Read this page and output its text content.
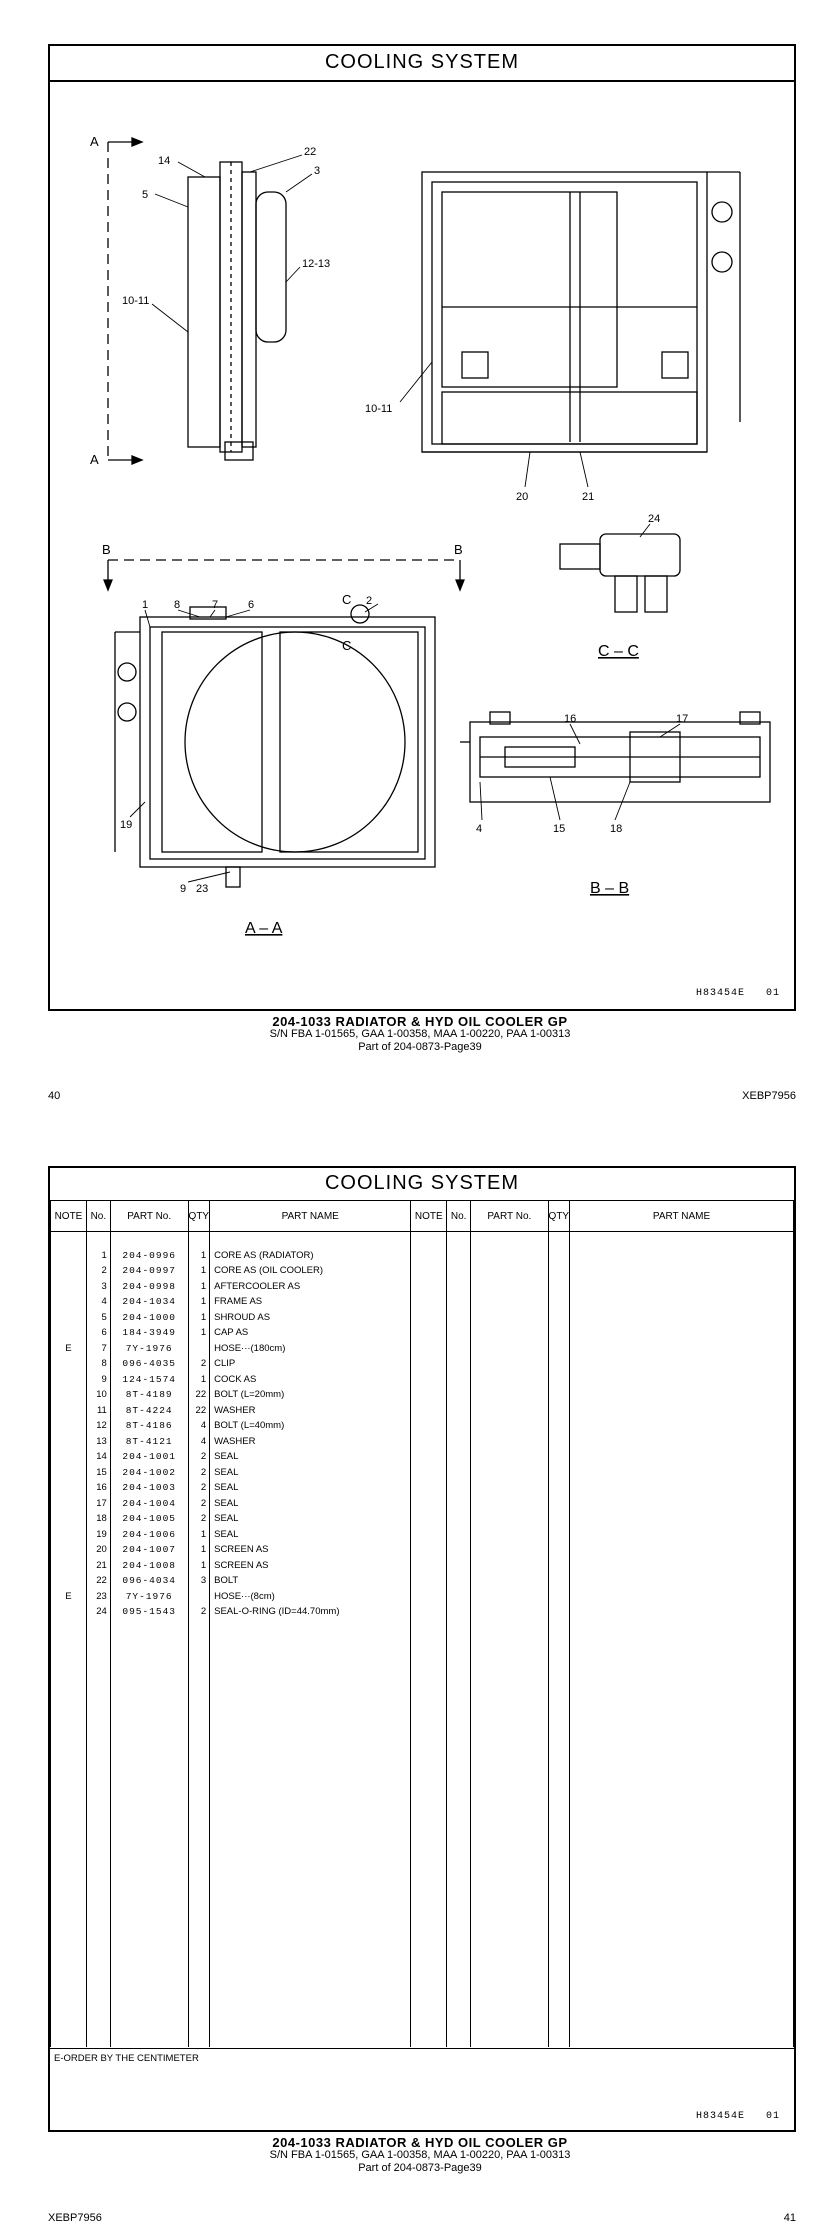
COOLING SYSTEM
A
A
14
22
3
5
12-13
10-11
10-11
20	21
B	B
1 8	7	6	C 2
C
19
9 23
24
16	17
4	15	18
A – A
B – B
C – C
H83454E   01
204-1033 RADIATOR & HYD OIL COOLER GP
S/N FBA 1-01565, GAA 1-00358, MAA 1-00220, PAA 1-00313
Part of 204-0873-Page39
40	XEBP7956
COOLING SYSTEM
NOTE	No.	PART No.	QTY	PART NAME	NOTE	No.	PART No.	QTY	PART NAME

	1	204-0996	1	CORE AS (RADIATOR)					
	2	204-0997	1	CORE AS (OIL COOLER)					
	3	204-0998	1	AFTERCOOLER AS					
	4	204-1034	1	FRAME AS					
	5	204-1000	1	SHROUD AS					
	6	184-3949	1	CAP AS					
E	7	7Y-1976		HOSE···(180cm)					
	8	096-4035	2	CLIP					
	9	124-1574	1	COCK AS					
	10	8T-4189	22	BOLT (L=20mm)					
	11	8T-4224	22	WASHER					
	12	8T-4186	4	BOLT (L=40mm)					
	13	8T-4121	4	WASHER					
	14	204-1001	2	SEAL					
	15	204-1002	2	SEAL					
	16	204-1003	2	SEAL					
	17	204-1004	2	SEAL					
	18	204-1005	2	SEAL					
	19	204-1006	1	SEAL					
	20	204-1007	1	SCREEN AS					
	21	204-1008	1	SCREEN AS					
	22	096-4034	3	BOLT					
E	23	7Y-1976		HOSE···(8cm)					
	24	095-1543	2	SEAL-O-RING (ID=44.70mm)					

E-ORDER BY THE CENTIMETER
H83454E   01
204-1033 RADIATOR & HYD OIL COOLER GP
S/N FBA 1-01565, GAA 1-00358, MAA 1-00220, PAA 1-00313
Part of 204-0873-Page39
XEBP7956	41
